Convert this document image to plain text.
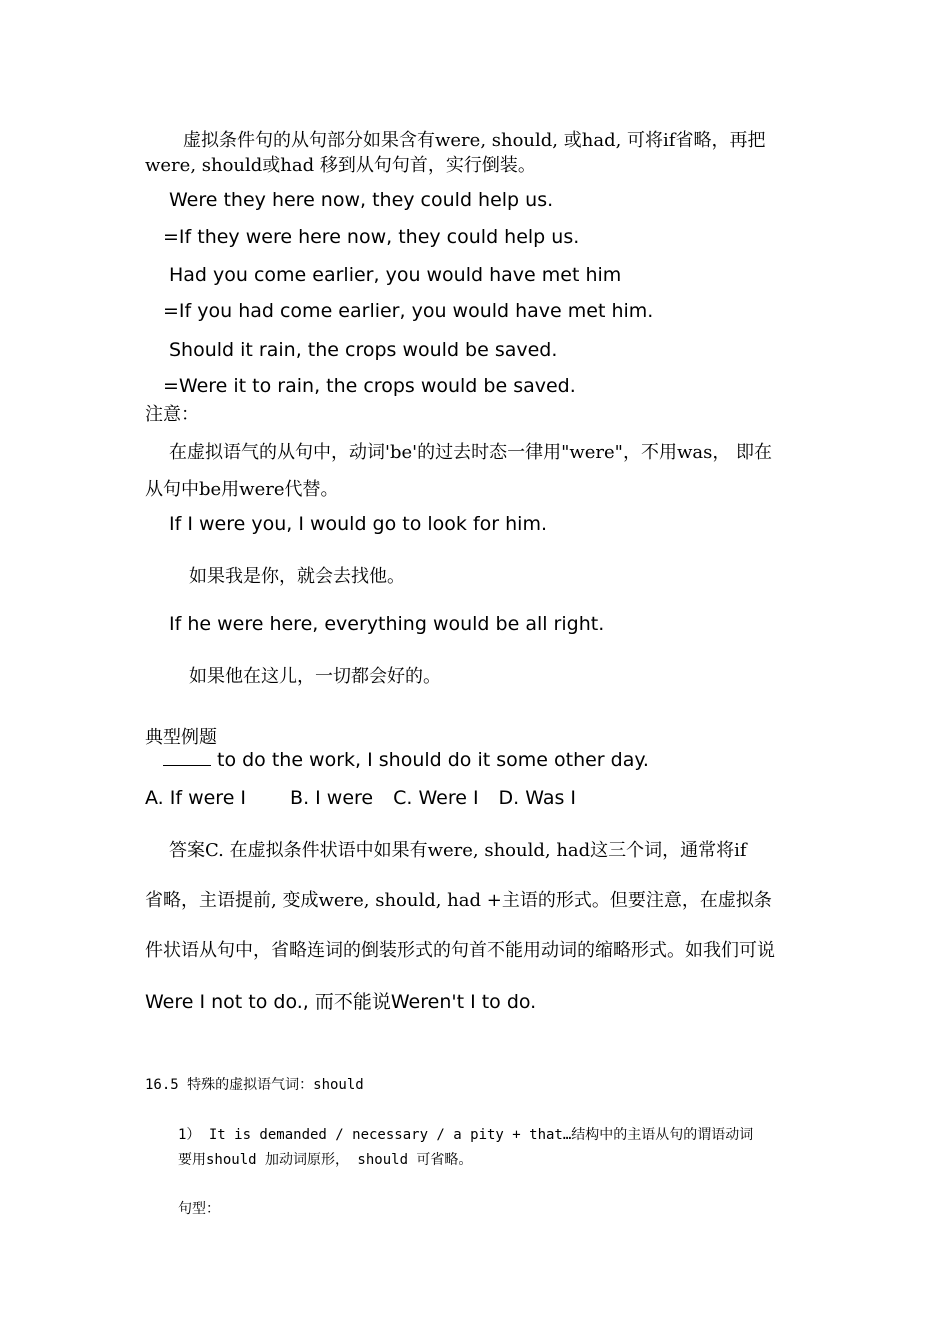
虚拟条件句的从句部分如果含有were, should, 或had, 可将if省略，再把
were, should或had 移到从句句首，实行倒装。
Were they here now, they could help us.
=If they were here now, they could help us.
Had you come earlier, you would have met him
=If you had come earlier, you would have met him.
Should it rain, the crops would be saved.
=Were it to rain, the crops would be saved.
注意：
在虚拟语气的从句中，动词'be'的过去时态一律用"were"，不用was， 即在
从句中be用were代替。
If I were you, I would go to look for him.
如果我是你，就会去找他。
If he were here, everything would be all right.
如果他在这儿，一切都会好的。
典型例题
to do the work, I should do it some other day.
A. If were I B. I were C. Were I D. Was I
答案C. 在虚拟条件状语中如果有were, should, had这三个词，通常将if
省略，主语提前, 变成were, should, had +主语的形式。但要注意，在虚拟条
件状语从句中，省略连词的倒装形式的句首不能用动词的缩略形式。如我们可说
Were I not to do., 而不能说Weren't I to do.
16.5 特殊的虚拟语气词：should
1） It is demanded / necessary / a pity + that…结构中的主语从句的谓语动词
要用should 加动词原形， should 可省略。
句型：
